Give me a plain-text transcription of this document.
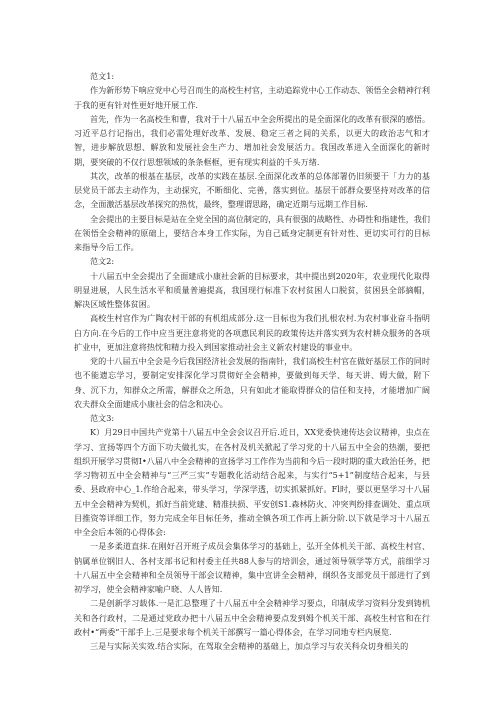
范文1:

作为新形势下响应党中心号召而生的高校生村官，主动追踪党中心工作动态、领悟全会精神行利于我的更有针对性更好地开展工作.

首先，作为一名高校生和曹，我对于十八届五中全会所提出的是全面深化的改革有很深的感悟。习近平总行记指出，我们必需处理好改革、发展、稳定三者之间的关系，以更大的政治志气和才智，进步解放思想、解放和发展社会生产力、增加社会发展活力。我国改革进入全面深化的新时期，要突破的不仅行思想领域的条条框框，更有现实利益的千头万绪.

其次，改革的根基在基层，改革的实践在基层.全面深化改革的总体部署仍旧须要干「力力的基层党员干部去主动作为，主动探究，不断细化、完善，落实到位。基层干部群众要坚持对改革的信念，全面激活基层改革探究的热忱，最终，整理谓思路，确定近期与远期工作目标.

全会提出的主要目标是站在全党全国的高位制定的，具有很强的战略性、办碍性和指建性，我们在领悟全会精神的原础上，要结合本身工作实际，为自己砥身定制更有针对性、更切实可行的目标来指导今后工作。

范文2:

十八届五中全会提出了全面建成小康社会新的目标要求，其中提出到2020年，农业现代化取得明显进展，人民生活水平和质量普遍提高，我国现行标准下农村贫困人口脱贫，贫困县全部摘帽，解决区域性整体贫困。

高校生村官作为广陶农村干部的有机组成部分.这一目标也为我们扎根农村.为农村事业奋斗指明白方向.在今后的工作中应当更注意将党的各项惠民利民的政策传达并落实到为农村耕众服务的各项扩业中，更加注意将热忱和精力投入到国家推动社会主义新农村建设的事业中。

党的十八届五中全会是今后我国经济社会发展的指南针，我们高校生村官在做好基层工作的同时也不能遗忘学习，要制定安排深化学习贯彻好全会精神，要做到每天学、每天讲、姆大做，附下身、沉下力，知群众之所需，解群众之所急，只有如此才能取得群众的信任和支持，才能增加广阔农夫群众全面建成小康社会的信念和决心。

范文3:

K）月29日中国共产党第十八届五中全会会议召开后.近日，XX党委快速传达会议精神，虫点在学习、宣扬等四个方面下功夫做扎实，在各村及机关掀起了学习党的十八届五中全会的热潮，要把组织开展学习贯彻I•八届八中全会精神的宣扬学习工作作为当前和今后一段时期的重大政治任务，把学习物初五中全会精神与“三严三实”专题教化活动结合起来，与实行“5+1”制度结合起来，与县委、县政府中心_1.作给合起来，带头学习，学深学透，切实抓紧抓好。Fl时，要以更坚学习十八届五中全会精神为契机，抓好当前党建、精准扶损、平安创S1.森林防火、冲突判纷排查调处、重点项目推资等详细工作，努力完成全年目标任务，推动全镇各项工作再上新分阶.以下就是学习十八届五中全会后本领的心得体会:

一是多柔道直抹.在刚好召开班子成员会集体学习的基础上，弘开全体机关干部、高校生村官、钠属单位钢旧人、各村支部书记和村委主任共88人参与的培训会，通过领导领学等方式，前细学习十八届五中全会精神和全员领导干部会议精神，集中宣讲全会精神，纲织各支部党员干部进行了到初学习，使全会精神家喻户晓、人人皆知.

二是创新学习载体.一是汇总整理了十八届五中全会精神学习要点，印制成学习资料分发到铸机关和各行政村，二是通过党政办把十八届五中全会精神要点发到姆个机关干部、高校生村官和在行政村•“两委”干部手上.三是要求每个机关干部撰写一篇心得体会，在学习同地专栏内展览.

三是与实际关实效.结合实际，在驾取全会精神的基础上，加点学习与农关科众切身相关的
